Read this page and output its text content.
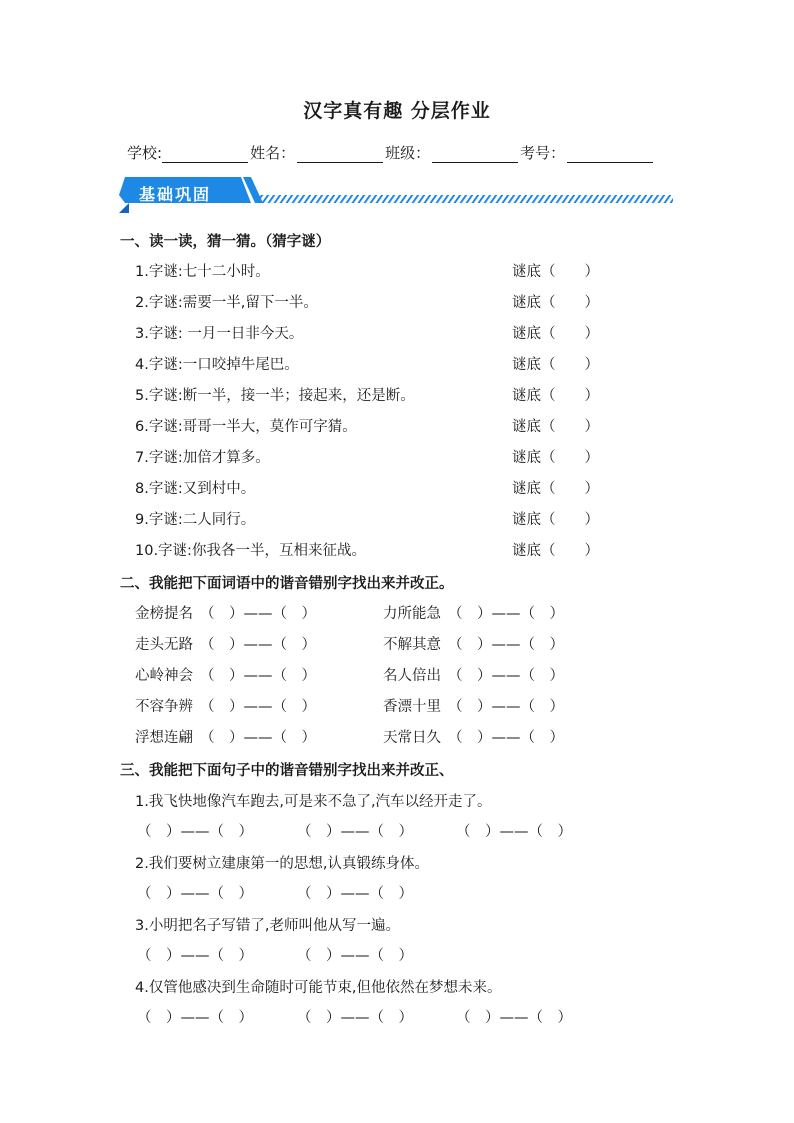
汉字真有趣 分层作业
学校:	姓名：	班级：	考号：
基础巩固
一、读一读，猜一猜。（猜字谜）
1.字谜:七十二小时。	谜底（　　）
2.字谜:需要一半,留下一半。	谜底（　　）
3.字谜: 一月一日非今天。	谜底（　　）
4.字谜:一口咬掉牛尾巴。	谜底（　　）
5.字谜:断一半，接一半；接起来，还是断。	谜底（　　）
6.字谜:哥哥一半大，莫作可字猜。	谜底（　　）
7.字谜:加倍才算多。	谜底（　　）
8.字谜:又到村中。	谜底（　　）
9.字谜:二人同行。	谜底（　　）
10.字谜:你我各一半，互相来征战。	谜底（　　）
二、我能把下面词语中的谐音错别字找出来并改正。
金榜提名 （　）——（　）	力所能急 （　）——（　）
走头无路 （　）——（　）	不解其意 （　）——（　）
心岭神会 （　）——（　）	名人倍出 （　）——（　）
不容争辨 （　）——（　）	香漂十里 （　）——（　）
浮想连翩 （　）——（　）	天常日久 （　）——（　）
三、我能把下面句子中的谐音错别字找出来并改正、
1.我飞快地像汽车跑去,可是来不急了,汽车以经开走了。
（　）——（　）	（　）——（　）	（　）——（　）
2.我们要树立建康第一的思想,认真锻练身体。
（　）——（　）	（　）——（　）
3.小明把名子写错了,老师叫他从写一遍。
（　）——（　）	（　）——（　）
4.仅管他感决到生命随时可能节束,但他依然在梦想未来。
（　）——（　）	（　）——（　）	（　）——（　）
